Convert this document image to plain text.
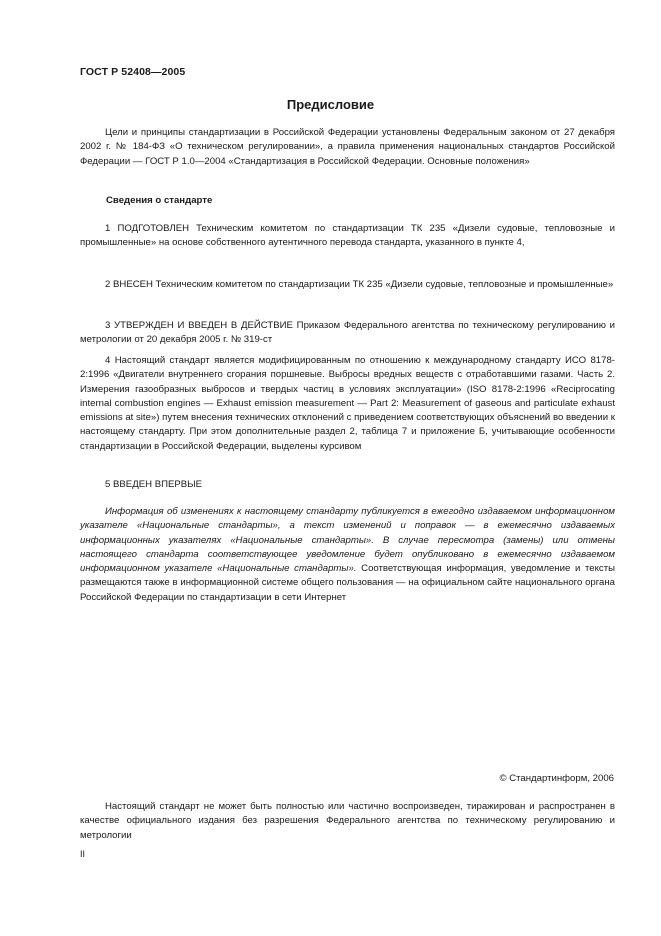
ГОСТ Р 52408—2005
Предисловие

Цели и принципы стандартизации в Российской Федерации установлены Федеральным законом от 27 декабря 2002 г. № 184-ФЗ «О техническом регулировании», а правила применения национальных стандартов Российской Федерации — ГОСТ Р 1.0—2004 «Стандартизация в Российской Федерации. Основные положения»

Сведения о стандарте

1 ПОДГОТОВЛЕН Техническим комитетом по стандартизации ТК 235 «Дизели судовые, тепловозные и промышленные» на основе собственного аутентичного перевода стандарта, указанного в пункте 4,

2 ВНЕСЕН Техническим комитетом по стандартизации ТК 235 «Дизели судовые, тепловозные и промышленные»

3 УТВЕРЖДЕН И ВВЕДЕН В ДЕЙСТВИЕ Приказом Федерального агентства по техническому регулированию и метрологии от 20 декабря 2005 г. № 319-ст

4 Настоящий стандарт является модифицированным по отношению к международному стандарту ИСО 8178-2:1996 «Двигатели внутреннего сгорания поршневые. Выбросы вредных веществ с отработавшими газами. Часть 2. Измерения газообразных выбросов и твердых частиц в условиях эксплуатации» (ISO 8178-2:1996 «Reciprocating internal combustion engines — Exhaust emission measurement — Part 2: Measurement of gaseous and particulate exhaust emissions at site») путем внесения технических отклонений с приведением соответствующих объяснений во введении к настоящему стандарту. При этом дополнительные раздел 2, таблица 7 и приложение Б, учитывающие особенности стандартизации в Российской Федерации, выделены курсивом

5 ВВЕДЕН ВПЕРВЫЕ

Информация об изменениях к настоящему стандарту публикуется в ежегодно издаваемом информационном указателе «Национальные стандарты», а текст изменений и поправок — в ежемесячно издаваемых информационных указателях «Национальные стандарты». В случае пересмотра (замены) или отмены настоящего стандарта соответствующее уведомление будет опубликовано в ежемесячно издаваемом информационном указателе «Национальные стандарты». Соответствующая информация, уведомление и тексты размещаются также в информационной системе общего пользования — на официальном сайте национального органа Российской Федерации по стандартизации в сети Интернет

© Стандартинформ, 2006

Настоящий стандарт не может быть полностью или частично воспроизведен, тиражирован и распространен в качестве официального издания без разрешения Федерального агентства по техническому регулированию и метрологии

II
